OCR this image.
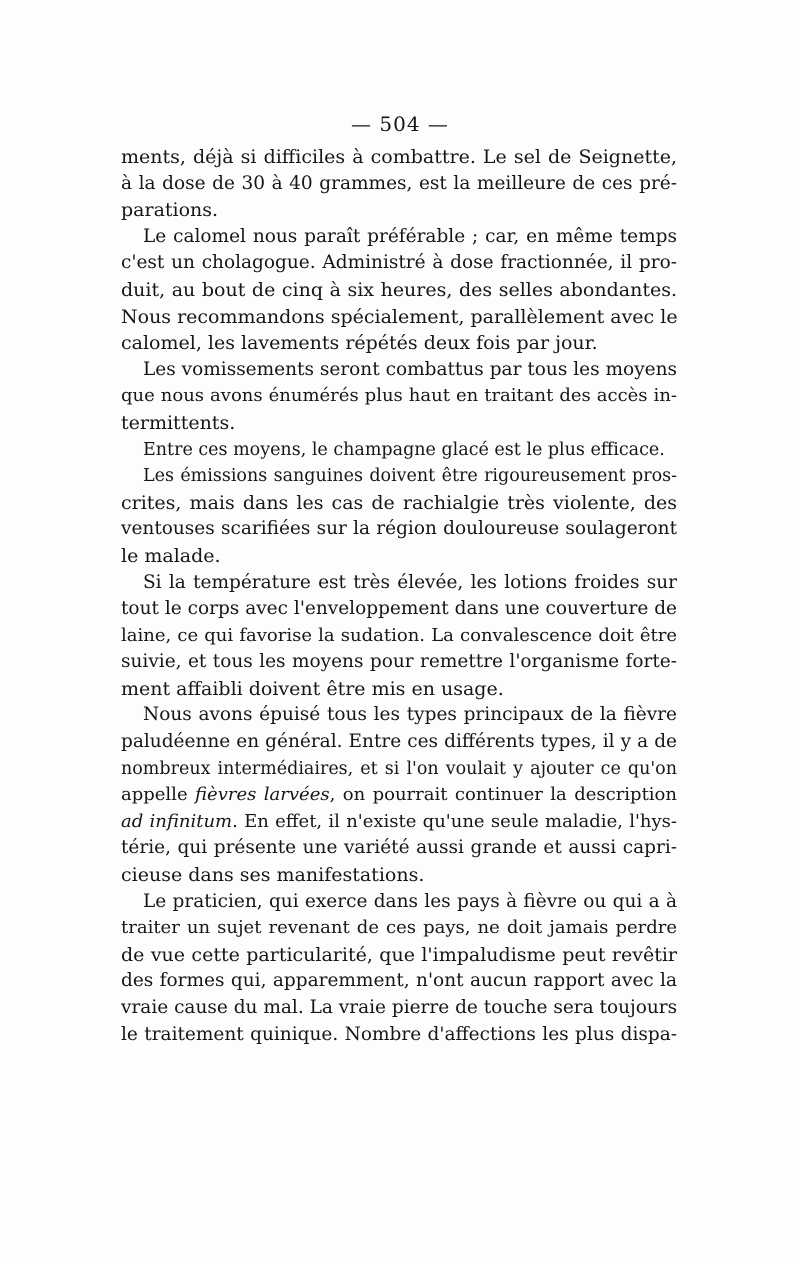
— 504 —
ments, déjà si difficiles à combattre. Le sel de Seignette,
à la dose de 30 à 40 grammes, est la meilleure de ces pré-
parations.
Le calomel nous paraît préférable ; car, en même temps
c'est un cholagogue. Administré à dose fractionnée, il pro-
duit, au bout de cinq à six heures, des selles abondantes.
Nous recommandons spécialement, parallèlement avec le
calomel, les lavements répétés deux fois par jour.
Les vomissements seront combattus par tous les moyens
que nous avons énumérés plus haut en traitant des accès in-
termittents.
Entre ces moyens, le champagne glacé est le plus efficace.
Les émissions sanguines doivent être rigoureusement pros-
crites, mais dans les cas de rachialgie très violente, des
ventouses scarifiées sur la région douloureuse soulageront
le malade.
Si la température est très élevée, les lotions froides sur
tout le corps avec l'enveloppement dans une couverture de
laine, ce qui favorise la sudation. La convalescence doit être
suivie, et tous les moyens pour remettre l'organisme forte-
ment affaibli doivent être mis en usage.
Nous avons épuisé tous les types principaux de la fièvre
paludéenne en général. Entre ces différents types, il y a de
nombreux intermédiaires, et si l'on voulait y ajouter ce qu'on
appelle fièvres larvées, on pourrait continuer la description
ad infinitum. En effet, il n'existe qu'une seule maladie, l'hys-
térie, qui présente une variété aussi grande et aussi capri-
cieuse dans ses manifestations.
Le praticien, qui exerce dans les pays à fièvre ou qui a à
traiter un sujet revenant de ces pays, ne doit jamais perdre
de vue cette particularité, que l'impaludisme peut revêtir
des formes qui, apparemment, n'ont aucun rapport avec la
vraie cause du mal. La vraie pierre de touche sera toujours
le traitement quinique. Nombre d'affections les plus dispa-
